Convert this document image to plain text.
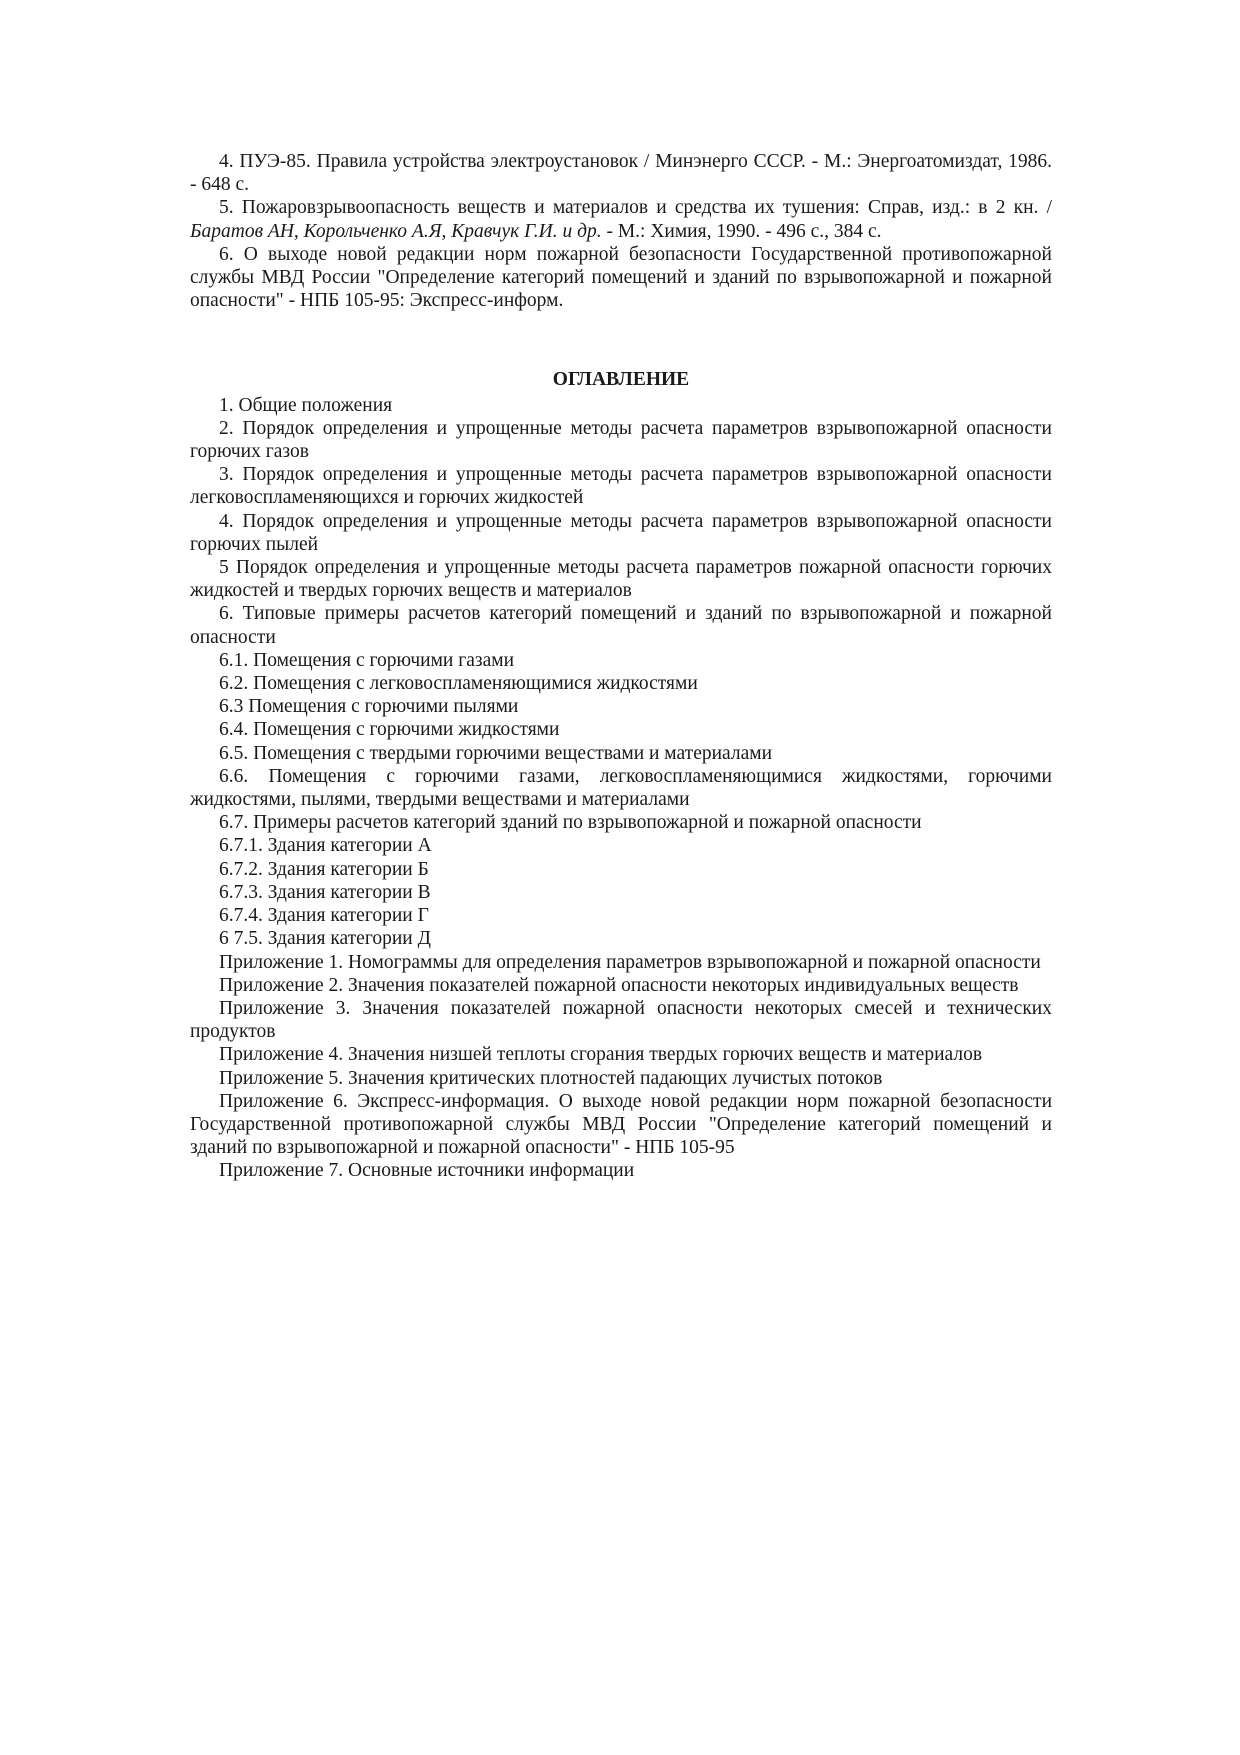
4. ПУЭ-85. Правила устройства электроустановок / Минэнерго СССР. - М.: Энергоатомиздат, 1986. - 648 с.

5. Пожаровзрывоопасность веществ и материалов и средства их тушения: Справ, изд.: в 2 кн. / Баратов АН, Корольченко А.Я, Кравчук Г.И. и др. - М.: Химия, 1990. - 496 с., 384 с.

6. О выходе новой редакции норм пожарной безопасности Государственной противопожарной службы МВД России "Определение категорий помещений и зданий по взрывопожарной и пожарной опасности" - НПБ 105-95: Экспресс-информ.

ОГЛАВЛЕНИЕ

1. Общие положения

2. Порядок определения и упрощенные методы расчета параметров взрывопожарной опасности горючих газов

3. Порядок определения и упрощенные методы расчета параметров взрывопожарной опасности легковоспламеняющихся и горючих жидкостей

4. Порядок определения и упрощенные методы расчета параметров взрывопожарной опасности горючих пылей

5 Порядок определения и упрощенные методы расчета параметров пожарной опасности горючих жидкостей и твердых горючих веществ и материалов

6. Типовые примеры расчетов категорий помещений и зданий по взрывопожарной и пожарной опасности

6.1. Помещения с горючими газами

6.2. Помещения с легковоспламеняющимися жидкостями

6.3 Помещения с горючими пылями

6.4. Помещения с горючими жидкостями

6.5. Помещения с твердыми горючими веществами и материалами

6.6. Помещения с горючими газами, легковоспламеняющимися жидкостями, горючими жидкостями, пылями, твердыми веществами и материалами

6.7. Примеры расчетов категорий зданий по взрывопожарной и пожарной опасности

6.7.1. Здания категории А

6.7.2. Здания категории Б

6.7.3. Здания категории В

6.7.4. Здания категории Г

6 7.5. Здания категории Д

Приложение 1. Номограммы для определения параметров взрывопожарной и пожарной опасности

Приложение 2. Значения показателей пожарной опасности некоторых индивидуальных веществ

Приложение 3. Значения показателей пожарной опасности некоторых смесей и технических продуктов

Приложение 4. Значения низшей теплоты сгорания твердых горючих веществ и материалов

Приложение 5. Значения критических плотностей падающих лучистых потоков

Приложение 6. Экспресс-информация. О выходе новой редакции норм пожарной безопасности Государственной противопожарной службы МВД России "Определение категорий помещений и зданий по взрывопожарной и пожарной опасности" - НПБ 105-95

Приложение 7. Основные источники информации
